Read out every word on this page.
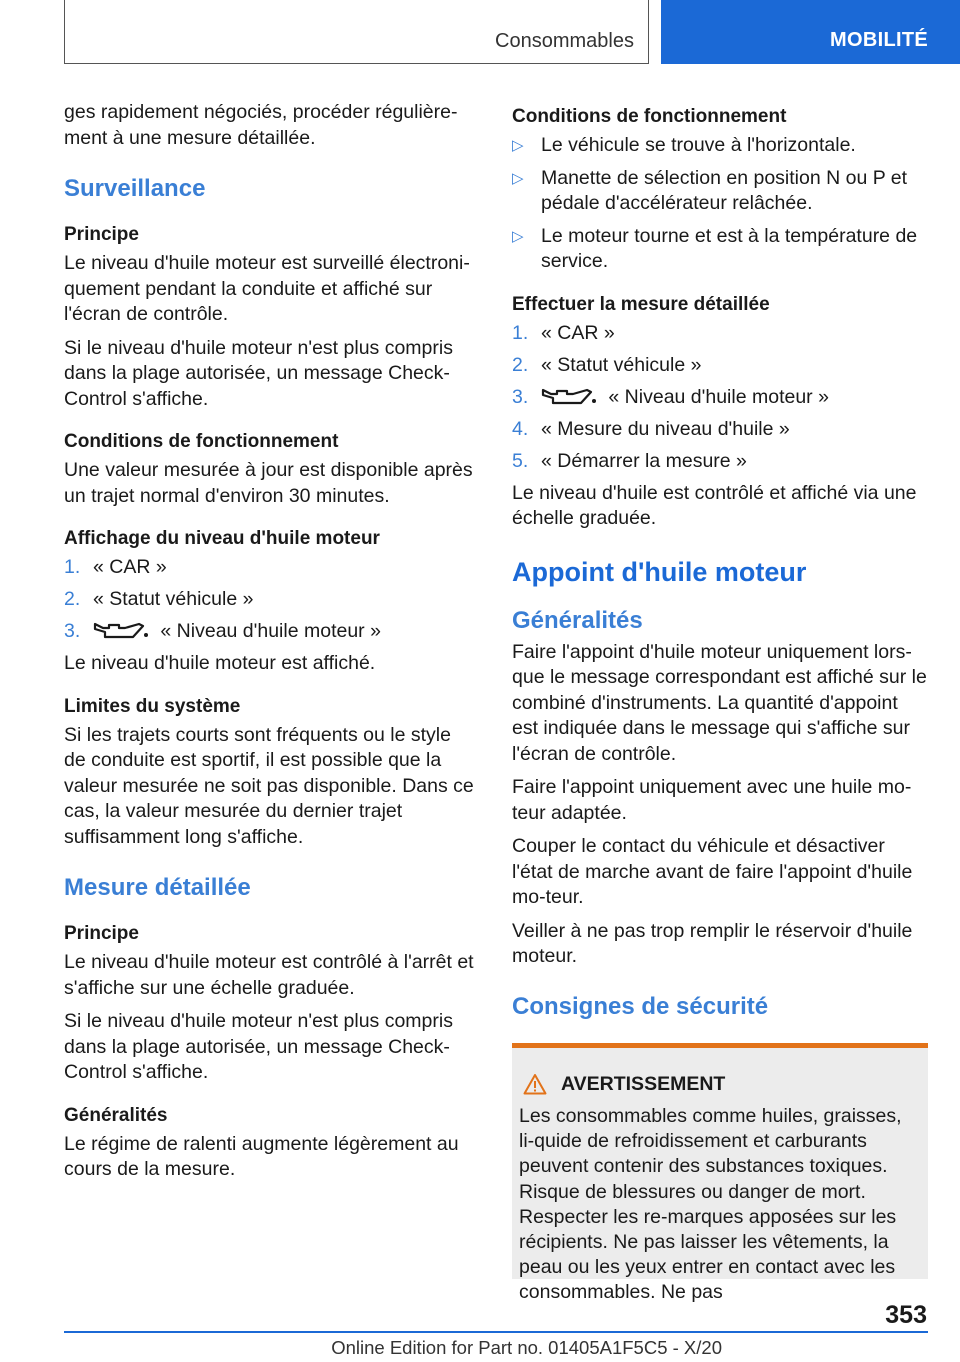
Consommables	MOBILITÉ

ges rapidement négociés, procéder régulière-ment à une mesure détaillée.

Surveillance
Principe

Le niveau d'huile moteur est surveillé électroni-quement pendant la conduite et affiché sur l'écran de contrôle.

Si le niveau d'huile moteur n'est plus compris dans la plage autorisée, un message Check-Control s'affiche.

Conditions de fonctionnement

Une valeur mesurée à jour est disponible après un trajet normal d'environ 30 minutes.

Affichage du niveau d'huile moteur
1. « CAR »
2. « Statut véhicule »
3.	« Niveau d'huile moteur »

Le niveau d'huile moteur est affiché.

Limites du système

Si les trajets courts sont fréquents ou le style de conduite est sportif, il est possible que la valeur mesurée ne soit pas disponible. Dans ce cas, la valeur mesurée du dernier trajet suffisamment long s'affiche.

Mesure détaillée
Principe

Le niveau d'huile moteur est contrôlé à l'arrêt et s'affiche sur une échelle graduée.

Si le niveau d'huile moteur n'est plus compris dans la plage autorisée, un message Check-Control s'affiche.

Généralités

Le régime de ralenti augmente légèrement au cours de la mesure.

Conditions de fonctionnement
▷ Le véhicule se trouve à l'horizontale.
▷ Manette de sélection en position N ou P et pédale d'accélérateur relâchée.
▷ Le moteur tourne et est à la température de service.
Effectuer la mesure détaillée
1. « CAR »
2. « Statut véhicule »
3.	« Niveau d'huile moteur »
4. « Mesure du niveau d'huile »
5. « Démarrer la mesure »

Le niveau d'huile est contrôlé et affiché via une échelle graduée.

Appoint d'huile moteur
Généralités

Faire l'appoint d'huile moteur uniquement lors-que le message correspondant est affiché sur le combiné d'instruments. La quantité d'appoint est indiquée dans le message qui s'affiche sur l'écran de contrôle.

Faire l'appoint uniquement avec une huile mo-teur adaptée.

Couper le contact du véhicule et désactiver l'état de marche avant de faire l'appoint d'huile mo-teur.

Veiller à ne pas trop remplir le réservoir d'huile moteur.

Consignes de sécurité
AVERTISSEMENT

Les consommables comme huiles, graisses, li-quide de refroidissement et carburants peuvent contenir des substances toxiques. Risque de blessures ou danger de mort. Respecter les re-marques apposées sur les récipients. Ne pas laisser les vêtements, la peau ou les yeux entrer en contact avec les consommables. Ne pas

353
Online Edition for Part no. 01405A1F5C5 - X/20
